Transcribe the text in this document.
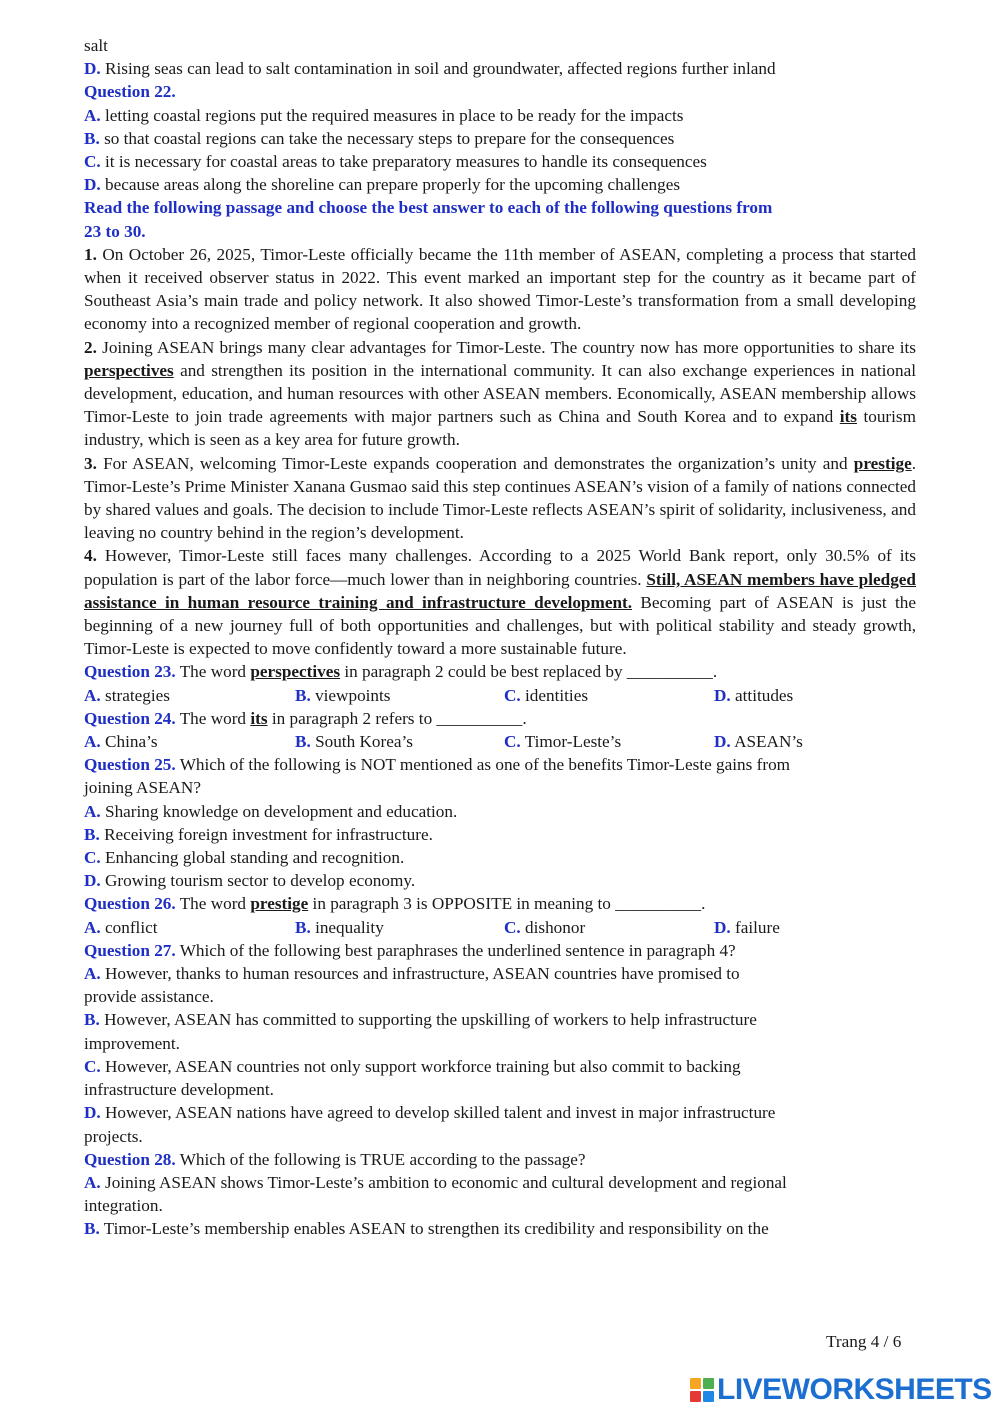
salt
D. Rising seas can lead to salt contamination in soil and groundwater, affected regions further inland
Question 22.
A. letting coastal regions put the required measures in place to be ready for the impacts
B. so that coastal regions can take the necessary steps to prepare for the consequences
C. it is necessary for coastal areas to take preparatory measures to handle its consequences
D. because areas along the shoreline can prepare properly for the upcoming challenges
Read the following passage and choose the best answer to each of the following questions from
23 to 30.
1. On October 26, 2025, Timor-Leste officially became the 11th member of ASEAN, completing a process that started when it received observer status in 2022. This event marked an important step for the country as it became part of Southeast Asia’s main trade and policy network. It also showed Timor-Leste’s transformation from a small developing economy into a recognized member of regional cooperation and growth.
2. Joining ASEAN brings many clear advantages for Timor-Leste. The country now has more opportunities to share its perspectives and strengthen its position in the international community. It can also exchange experiences in national development, education, and human resources with other ASEAN members. Economically, ASEAN membership allows Timor-Leste to join trade agreements with major partners such as China and South Korea and to expand its tourism industry, which is seen as a key area for future growth.
3. For ASEAN, welcoming Timor-Leste expands cooperation and demonstrates the organization’s unity and prestige. Timor-Leste’s Prime Minister Xanana Gusmao said this step continues ASEAN’s vision of a family of nations connected by shared values and goals. The decision to include Timor-Leste reflects ASEAN’s spirit of solidarity, inclusiveness, and leaving no country behind in the region’s development.
4. However, Timor-Leste still faces many challenges. According to a 2025 World Bank report, only 30.5% of its population is part of the labor force—much lower than in neighboring countries. Still, ASEAN members have pledged assistance in human resource training and infrastructure development. Becoming part of ASEAN is just the beginning of a new journey full of both opportunities and challenges, but with political stability and steady growth, Timor-Leste is expected to move confidently toward a more sustainable future.
Question 23. The word perspectives in paragraph 2 could be best replaced by __________.
A. strategies	B. viewpoints	C. identities	D. attitudes
Question 24. The word its in paragraph 2 refers to __________.
A. China’s	B. South Korea’s	C. Timor-Leste’s	D. ASEAN’s
Question 25. Which of the following is NOT mentioned as one of the benefits Timor-Leste gains from
joining ASEAN?
A. Sharing knowledge on development and education.
B. Receiving foreign investment for infrastructure.
C. Enhancing global standing and recognition.
D. Growing tourism sector to develop economy.
Question 26. The word prestige in paragraph 3 is OPPOSITE in meaning to __________.
A. conflict	B. inequality	C. dishonor	D. failure
Question 27. Which of the following best paraphrases the underlined sentence in paragraph 4?
A. However, thanks to human resources and infrastructure, ASEAN countries have promised to
provide assistance.
B. However, ASEAN has committed to supporting the upskilling of workers to help infrastructure
improvement.
C. However, ASEAN countries not only support workforce training but also commit to backing
infrastructure development.
D. However, ASEAN nations have agreed to develop skilled talent and invest in major infrastructure
projects.
Question 28. Which of the following is TRUE according to the passage?
A. Joining ASEAN shows Timor-Leste’s ambition to economic and cultural development and regional
integration.
B. Timor-Leste’s membership enables ASEAN to strengthen its credibility and responsibility on the
Trang 4 / 6
LIVEWORKSHEETS
